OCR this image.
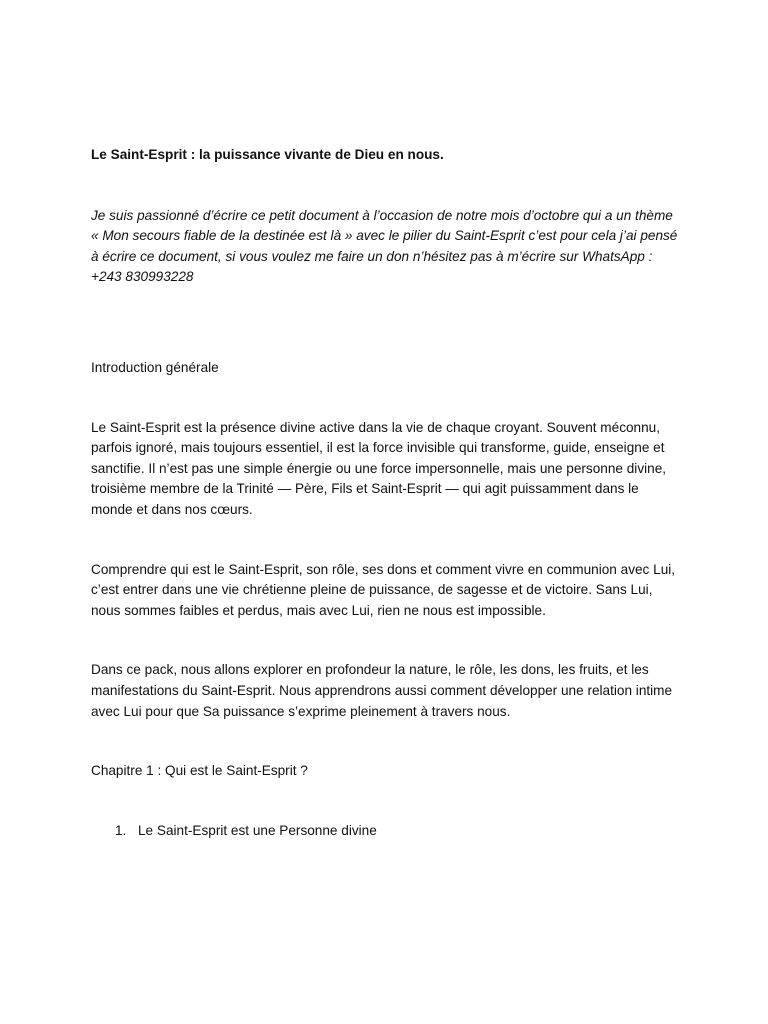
Le Saint-Esprit : la puissance vivante de Dieu en nous.

Je suis passionné d’écrire ce petit document à l’occasion de notre mois d’octobre qui a un thème « Mon secours fiable de la destinée est là » avec le pilier du Saint-Esprit c’est pour cela j’ai pensé à écrire ce document, si vous voulez me faire un don n’hésitez pas à m’écrire sur WhatsApp : +243 830993228

Introduction générale

Le Saint-Esprit est la présence divine active dans la vie de chaque croyant. Souvent méconnu, parfois ignoré, mais toujours essentiel, il est la force invisible qui transforme, guide, enseigne et sanctifie. Il n’est pas une simple énergie ou une force impersonnelle, mais une personne divine, troisième membre de la Trinité — Père, Fils et Saint-Esprit — qui agit puissamment dans le monde et dans nos cœurs.

Comprendre qui est le Saint-Esprit, son rôle, ses dons et comment vivre en communion avec Lui, c’est entrer dans une vie chrétienne pleine de puissance, de sagesse et de victoire. Sans Lui, nous sommes faibles et perdus, mais avec Lui, rien ne nous est impossible.

Dans ce pack, nous allons explorer en profondeur la nature, le rôle, les dons, les fruits, et les manifestations du Saint-Esprit. Nous apprendrons aussi comment développer une relation intime avec Lui pour que Sa puissance s’exprime pleinement à travers nous.

Chapitre 1 : Qui est le Saint-Esprit ?

1. Le Saint-Esprit est une Personne divine
